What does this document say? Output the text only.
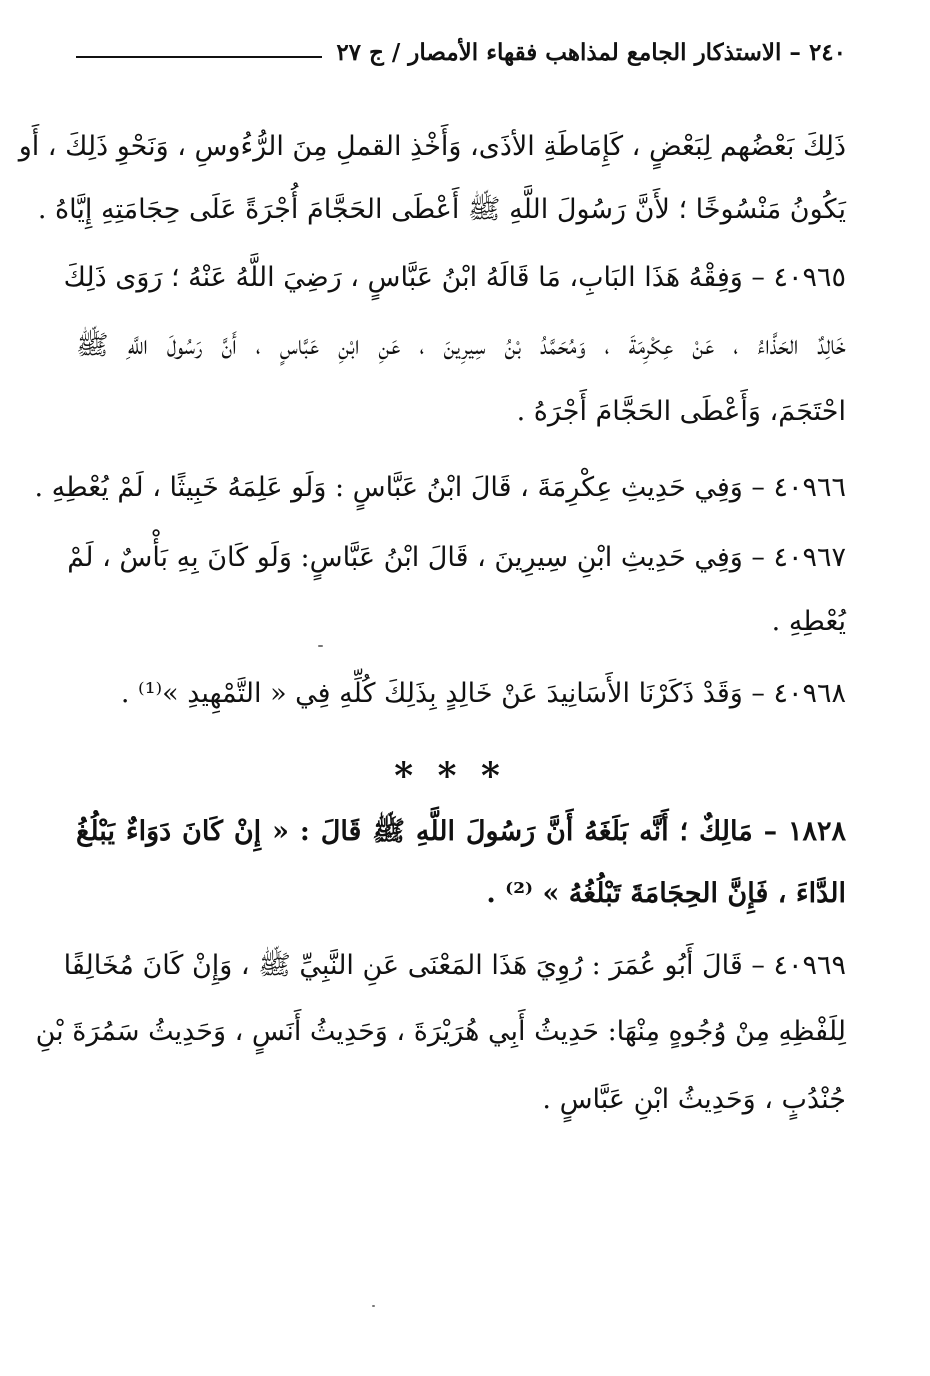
٢٤٠ – الاستذكار الجامع لمذاهب فقهاء الأمصار / ج ٢٧
ذَلِكَ بَعْضُهم لِبَعْضٍ ، كَإِمَاطَةِ الأذَى، وَأَخْذِ القملِ مِنَ الرُّءُوسِ ، وَنَحْوِ ذَلِكَ ، أَو
يَكُونُ مَنْسُوخًا ؛ لأَنَّ رَسُولَ اللَّهِ ﷺ أَعْطَى الحَجَّامَ أُجْرَةً عَلَى حِجَامَتِهِ إِيَّاهُ .
٤٠٩٦٥ – وَفِقْهُ هَذَا البَابِ، مَا قَالَهُ ابْنُ عَبَّاسٍ ، رَضِيَ اللَّهُ عَنْهُ ؛ رَوَى ذَلِكَ
خَالِدٌ الحَذَّاءُ ، عَنْ عِكْرِمَةَ ، وَمُحَمَّدُ بْنُ سِيرِينَ ، عَنِ ابْنِ عَبَّاسٍ ، أَنَّ رَسُولَ اللَّهِ ﷺ
احْتَجَمَ، وَأَعْطَى الحَجَّامَ أَجْرَهُ .
٤٠٩٦٦ – وَفِي حَدِيثِ عِكْرِمَةَ ، قَالَ ابْنُ عَبَّاسٍ : وَلَو عَلِمَهُ خَبِيثًا ، لَمْ يُعْطِهِ .
٤٠٩٦٧ – وَفِي حَدِيثِ ابْنِ سِيرِينَ ، قَالَ ابْنُ عَبَّاسٍ: وَلَو كَانَ بِهِ بَأْسٌ ، لَمْ
يُعْطِهِ .
٤٠٩٦٨ – وَقَدْ ذَكَرْنَا الأَسَانِيدَ عَنْ خَالِدٍ بِذَلِكَ كُلِّهِ فِي « التَّمْهِيدِ »⁽¹⁾ .
* * *
١٨٢٨ – مَالِكٌ ؛ أَنَّه بَلَغَهُ أَنَّ رَسُولَ اللَّهِ ﷺ قَالَ : « إِنْ كَانَ دَوَاءٌ يَبْلُغُ
الدَّاءَ ، فَإِنَّ الحِجَامَةَ تَبْلُغُهُ » ⁽²⁾ .
٤٠٩٦٩ – قَالَ أَبُو عُمَرَ : رُوِيَ هَذَا المَعْنَى عَنِ النَّبِيِّ ﷺ ، وَإِنْ كَانَ مُخَالِفًا
لِلَفْظِهِ مِنْ وُجُوهٍ مِنْهَا: حَدِيثُ أَبِي هُرَيْرَةَ ، وَحَدِيثُ أَنَسٍ ، وَحَدِيثُ سَمُرَةَ بْنِ
جُنْدُبٍ ، وَحَدِيثُ ابْنِ عَبَّاسٍ .
